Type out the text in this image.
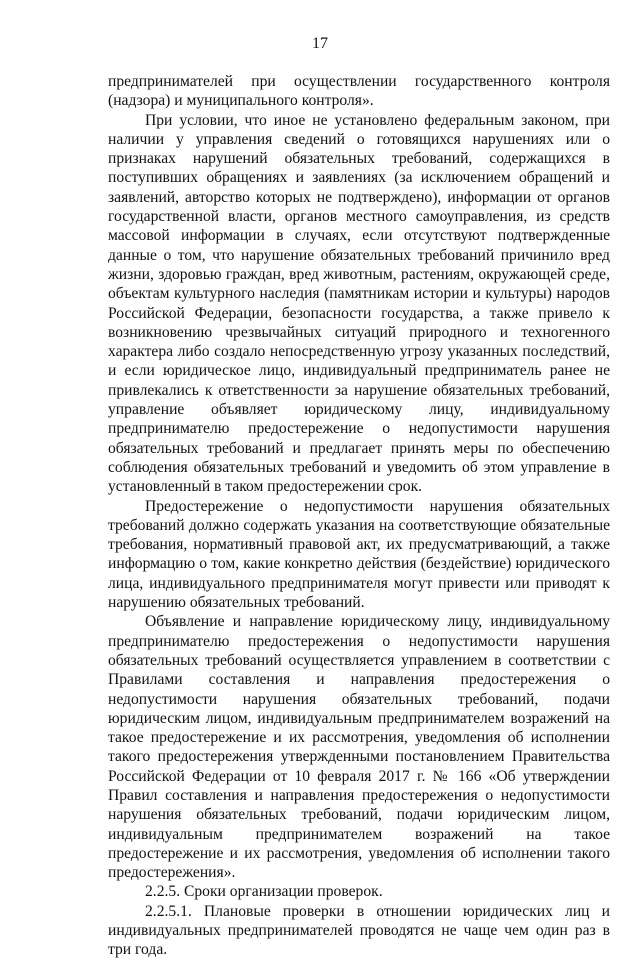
17

предпринимателей при осуществлении государственного контроля (надзора) и муниципального контроля».

При условии, что иное не установлено федеральным законом, при наличии у управления сведений о готовящихся нарушениях или о признаках нарушений обязательных требований, содержащихся в поступивших обращениях и заявлениях (за исключением обращений и заявлений, авторство которых не подтверждено), информации от органов государственной власти, органов местного самоуправления, из средств массовой информации в случаях, если отсутствуют подтвержденные данные о том, что нарушение обязательных требований причинило вред жизни, здоровью граждан, вред животным, растениям, окружающей среде, объектам культурного наследия (памятникам истории и культуры) народов Российской Федерации, безопасности государства, а также привело к возникновению чрезвычайных ситуаций природного и техногенного характера либо создало непосредственную угрозу указанных последствий, и если юридическое лицо, индивидуальный предприниматель ранее не привлекались к ответственности за нарушение обязательных требований, управление объявляет юридическому лицу, индивидуальному предпринимателю предостережение о недопустимости нарушения обязательных требований и предлагает принять меры по обеспечению соблюдения обязательных требований и уведомить об этом управление в установленный в таком предостережении срок.

Предостережение о недопустимости нарушения обязательных требований должно содержать указания на соответствующие обязательные требования, нормативный правовой акт, их предусматривающий, а также информацию о том, какие конкретно действия (бездействие) юридического лица, индивидуального предпринимателя могут привести или приводят к нарушению обязательных требований.

Объявление и направление юридическому лицу, индивидуальному предпринимателю предостережения о недопустимости нарушения обязательных требований осуществляется управлением в соответствии с Правилами составления и направления предостережения о недопустимости нарушения обязательных требований, подачи юридическим лицом, индивидуальным предпринимателем возражений на такое предостережение и их рассмотрения, уведомления об исполнении такого предостережения утвержденными постановлением Правительства Российской Федерации от 10 февраля 2017 г. № 166 «Об утверждении Правил составления и направления предостережения о недопустимости нарушения обязательных требований, подачи юридическим лицом, индивидуальным предпринимателем возражений на такое предостережение и их рассмотрения, уведомления об исполнении такого предостережения».

2.2.5. Сроки организации проверок.

2.2.5.1. Плановые проверки в отношении юридических лиц и индивидуальных предпринимателей проводятся не чаще чем один раз в три года.
